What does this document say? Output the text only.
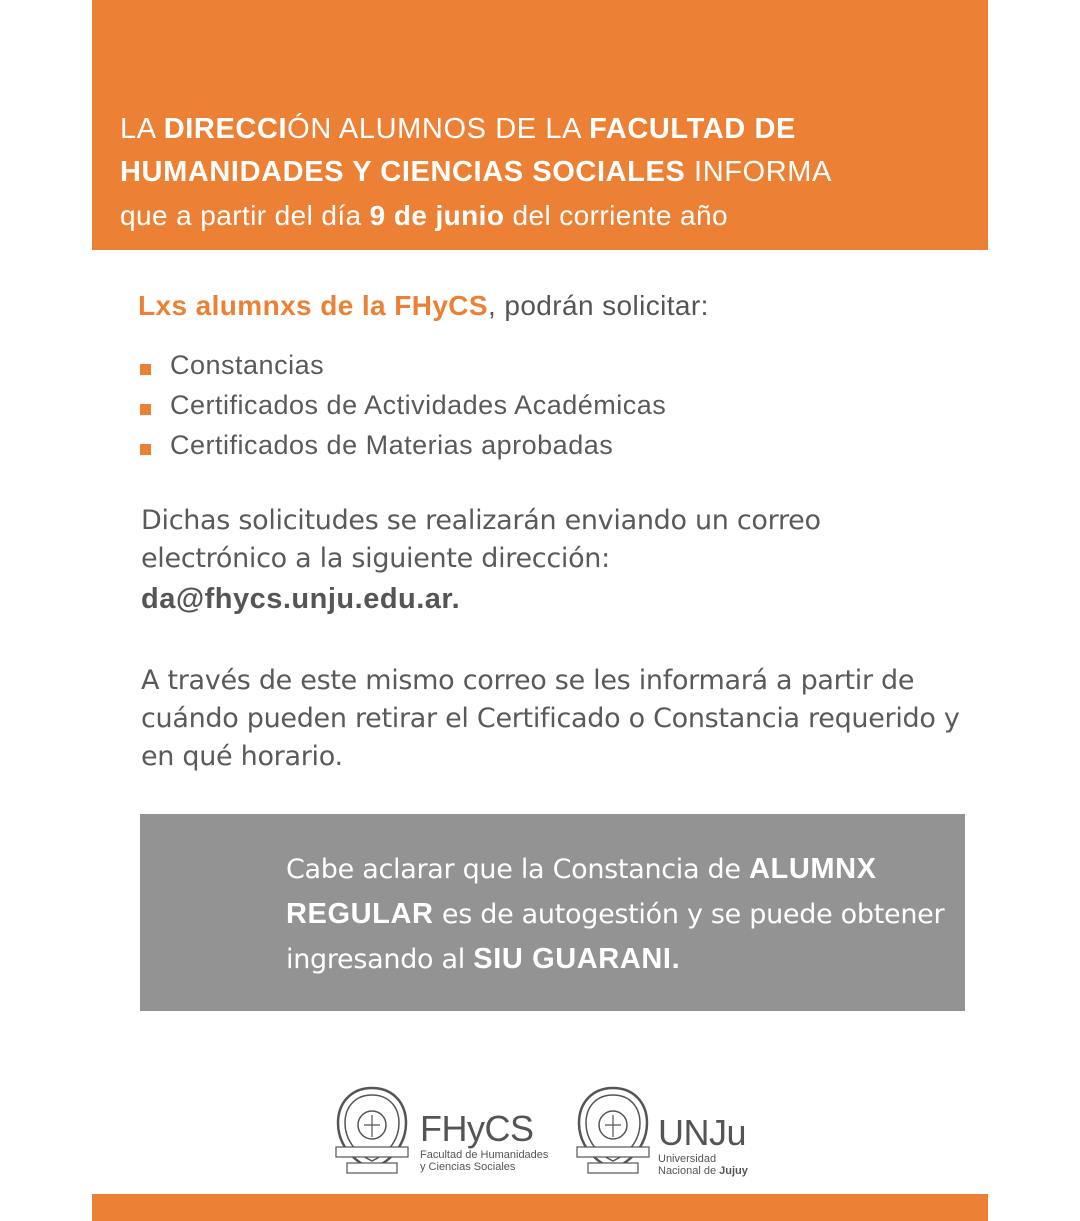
LA DIRECCIÓN ALUMNOS DE LA FACULTAD DE
HUMANIDADES Y CIENCIAS SOCIALES INFORMA
que a partir del día 9 de junio del corriente año
Lxs alumnxs de la FHyCS, podrán solicitar:
Constancias
Certificados de Actividades Académicas
Certificados de Materias aprobadas
Dichas solicitudes se realizarán enviando un correo electrónico a la siguiente dirección:
da@fhycs.unju.edu.ar.
A través de este mismo correo se les informará a partir de cuándo pueden retirar el Certificado o Constancia requerido y en qué horario.
Cabe aclarar que la Constancia de ALUMNX REGULAR es de autogestión y se puede obtener ingresando al SIU GUARANI.
FHyCS
Facultad de Humanidades
y Ciencias Sociales
UNJu
Universidad
Nacional de Jujuy
